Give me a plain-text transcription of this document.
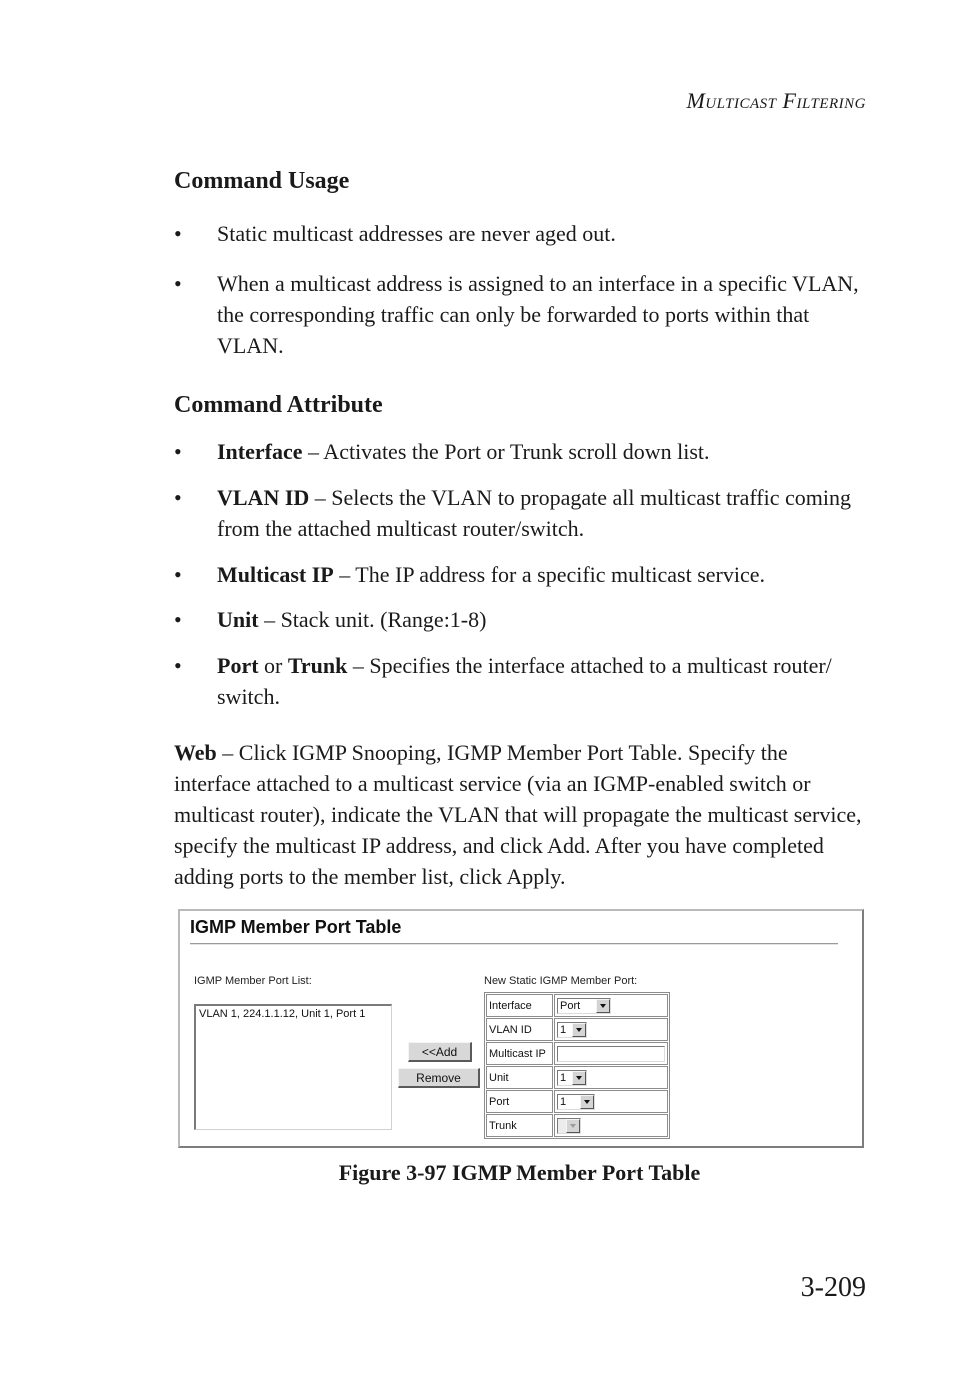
Multicast Filtering
Command Usage
• Static multicast addresses are never aged out.
• When a multicast address is assigned to an interface in a specific VLAN, the corresponding traffic can only be forwarded to ports within that VLAN.
Command Attribute
• Interface – Activates the Port or Trunk scroll down list.
• VLAN ID – Selects the VLAN to propagate all multicast traffic coming from the attached multicast router/switch.
• Multicast IP – The IP address for a specific multicast service.
• Unit – Stack unit. (Range:1-8)
• Port or Trunk – Specifies the interface attached to a multicast router/ switch.
Web – Click IGMP Snooping, IGMP Member Port Table. Specify the interface attached to a multicast service (via an IGMP-enabled switch or multicast router), indicate the VLAN that will propagate the multicast service, specify the multicast IP address, and click Add. After you have completed adding ports to the member list, click Apply.
IGMP Member Port Table
IGMP Member Port List:
VLAN 1, 224.1.1.12, Unit 1, Port 1
<<Add
Remove
New Static IGMP Member Port:
Interface	Port

VLAN ID	1

Multicast IP	
Unit	1

Port	1

Trunk	
Figure 3-97 IGMP Member Port Table
3-209
